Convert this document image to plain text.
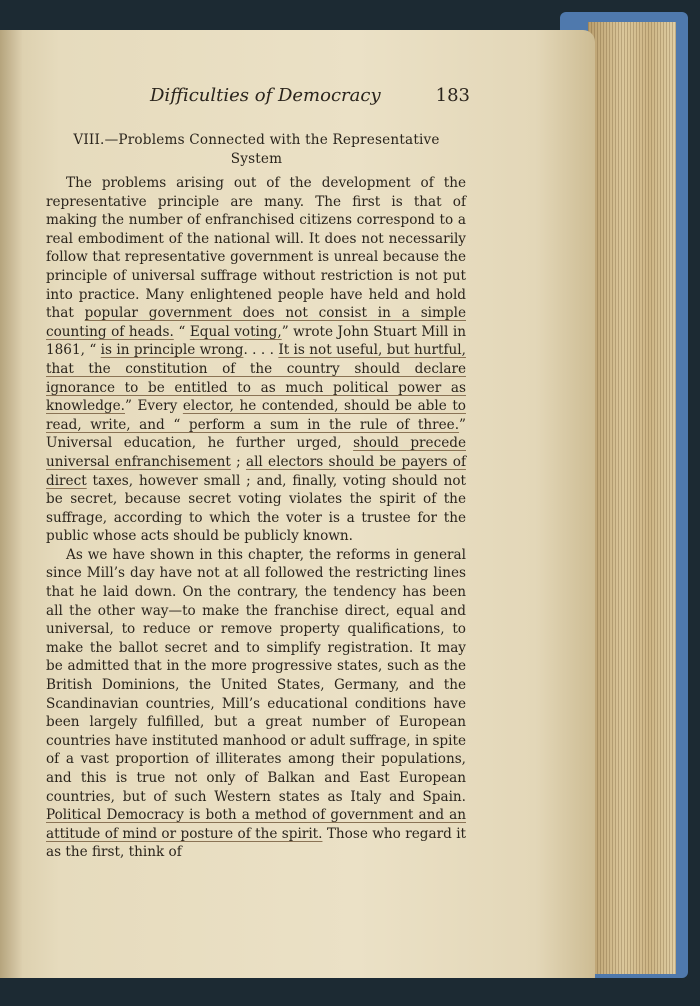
Difficulties of Democracy	183
VIII.—Problems Connected with the Representative
System

The problems arising out of the development of the representative principle are many. The first is that of making the number of enfranchised citizens correspond to a real embodiment of the national will. It does not necessarily follow that representative government is unreal because the principle of universal suffrage without restriction is not put into practice. Many enlightened people have held and hold that popular government does not consist in a simple counting of heads. “ Equal voting,” wrote John Stuart Mill in 1861, “ is in principle wrong. . . . It is not useful, but hurtful, that the constitution of the country should declare ignorance to be entitled to as much political power as knowledge.” Every elector, he contended, should be able to read, write, and “ perform a sum in the rule of three.” Universal education, he further urged, should precede universal enfranchisement ; all electors should be payers of direct taxes, however small ; and, finally, voting should not be secret, because secret voting violates the spirit of the suffrage, according to which the voter is a trustee for the public whose acts should be publicly known.

As we have shown in this chapter, the reforms in general since Mill’s day have not at all followed the restricting lines that he laid down. On the contrary, the tendency has been all the other way—to make the franchise direct, equal and universal, to reduce or remove property qualifications, to make the ballot secret and to simplify registration. It may be admitted that in the more progressive states, such as the British Dominions, the United States, Germany, and the Scandinavian countries, Mill’s educational conditions have been largely fulfilled, but a great number of European countries have instituted manhood or adult suffrage, in spite of a vast proportion of illiterates among their populations, and this is true not only of Balkan and East European countries, but of such Western states as Italy and Spain. Political Democracy is both a method of government and an attitude of mind or posture of the spirit. Those who regard it as the first, think of
